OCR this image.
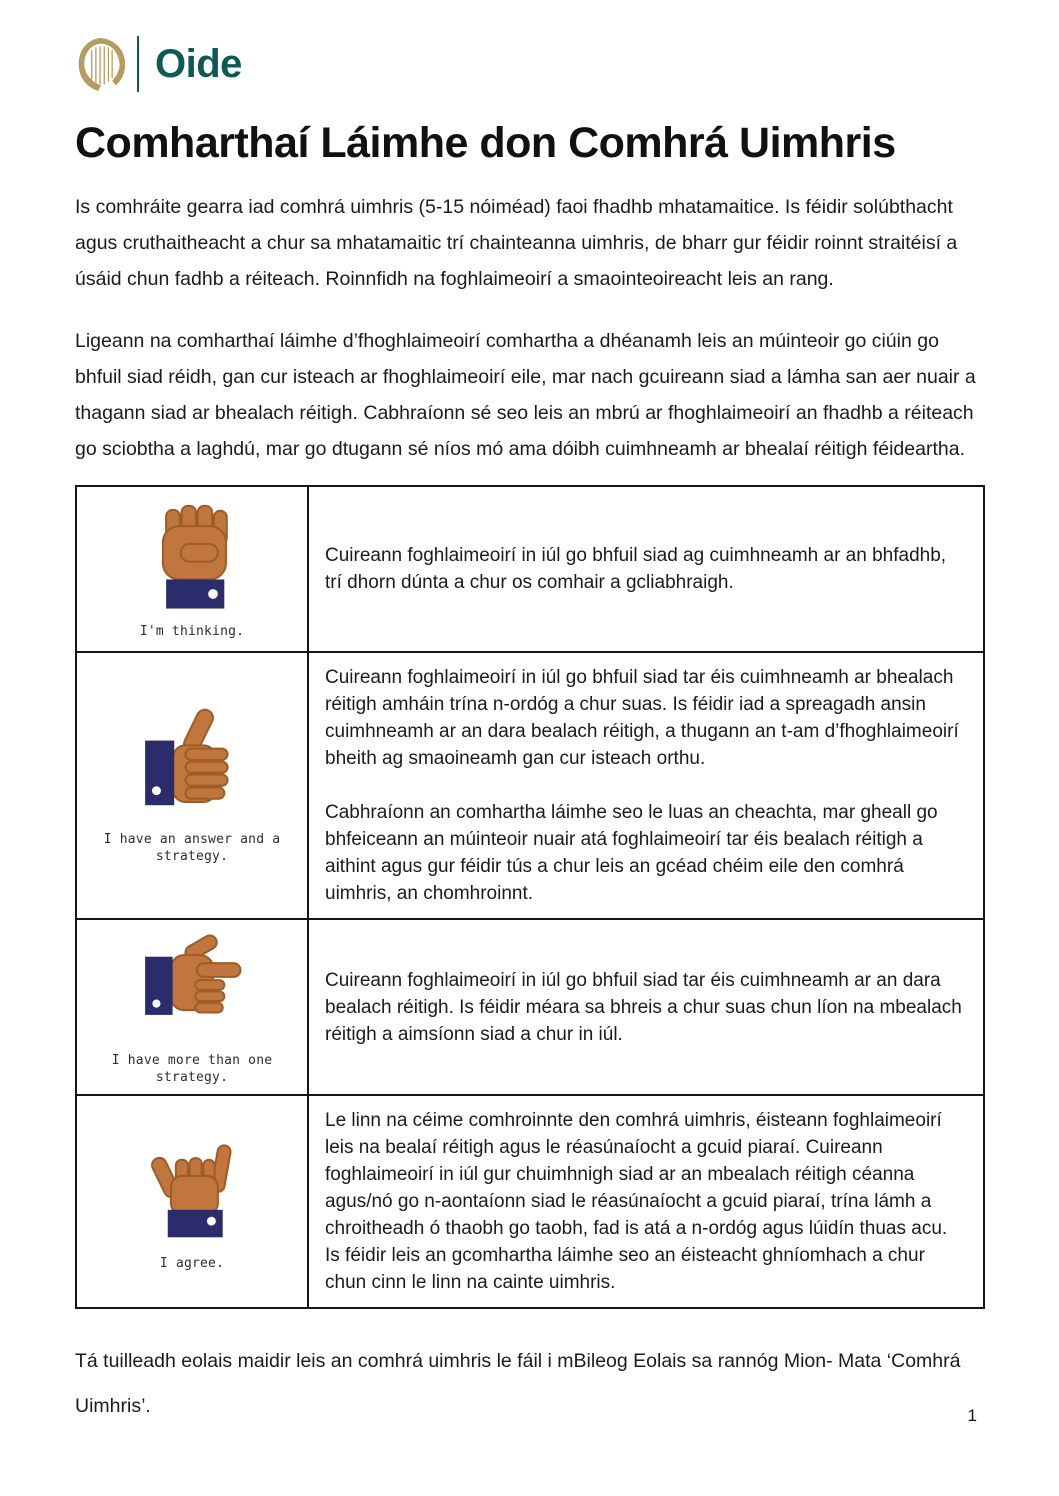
Oide
Comharthaí Láimhe don Comhrá Uimhris

Is comhráite gearra iad comhrá uimhris (5-15 nóiméad) faoi fhadhb mhatamaitice. Is féidir solúbthacht agus cruthaitheacht a chur sa mhatamaitic trí chainteanna uimhris, de bharr gur féidir roinnt straitéisí a úsáid chun fadhb a réiteach. Roinnfidh na foghlaimeoirí a smaointeoireacht leis an rang.

Ligeann na comharthaí láimhe d’fhoghlaimeoirí comhartha a dhéanamh leis an múinteoir go ciúin go bhfuil siad réidh, gan cur isteach ar fhoghlaimeoirí eile, mar nach gcuireann siad a lámha san aer nuair a thagann siad ar bhealach réitigh. Cabhraíonn sé seo leis an mbrú ar fhoghlaimeoirí an fhadhb a réiteach go sciobtha a laghdú, mar go dtugann sé níos mó ama dóibh cuimhneamh ar bhealaí réitigh féideartha.

I'm thinking.	Cuireann foghlaimeoirí in iúl go bhfuil siad ag cuimhneamh ar an bhfadhb, trí dhorn dúnta a chur os comhair a gcliabhraigh.

I have an answer and a strategy.	Cuireann foghlaimeoirí in iúl go bhfuil siad tar éis cuimhneamh ar bhealach réitigh amháin trína n-ordóg a chur suas. Is féidir iad a spreagadh ansin cuimhneamh ar an dara bealach réitigh, a thugann an t-am d’fhoghlaimeoirí bheith ag smaoineamh gan cur isteach orthu.

Cabhraíonn an comhartha láimhe seo le luas an cheachta, mar gheall go bhfeiceann an múinteoir nuair atá foghlaimeoirí tar éis bealach réitigh a aithint agus gur féidir tús a chur leis an gcéad chéim eile den comhrá uimhris, an chomhroinnt.

I have more than one strategy.	Cuireann foghlaimeoirí in iúl go bhfuil siad tar éis cuimhneamh ar an dara bealach réitigh. Is féidir méara sa bhreis a chur suas chun líon na mbealach réitigh a aimsíonn siad a chur in iúl.

I agree.	Le linn na céime comhroinnte den comhrá uimhris, éisteann foghlaimeoirí leis na bealaí réitigh agus le réasúnaíocht a gcuid piaraí. Cuireann foghlaimeoirí in iúl gur chuimhnigh siad ar an mbealach réitigh céanna agus/nó go n-aontaíonn siad le réasúnaíocht a gcuid piaraí, trína lámh a chroitheadh ó thaobh go taobh, fad is atá a n-ordóg agus lúidín thuas acu. Is féidir leis an gcomhartha láimhe seo an éisteacht ghníomhach a chur chun cinn le linn na cainte uimhris.

Tá tuilleadh eolais maidir leis an comhrá uimhris le fáil i mBileog Eolais sa rannóg Mion- Mata ‘Comhrá Uimhris’.	1
